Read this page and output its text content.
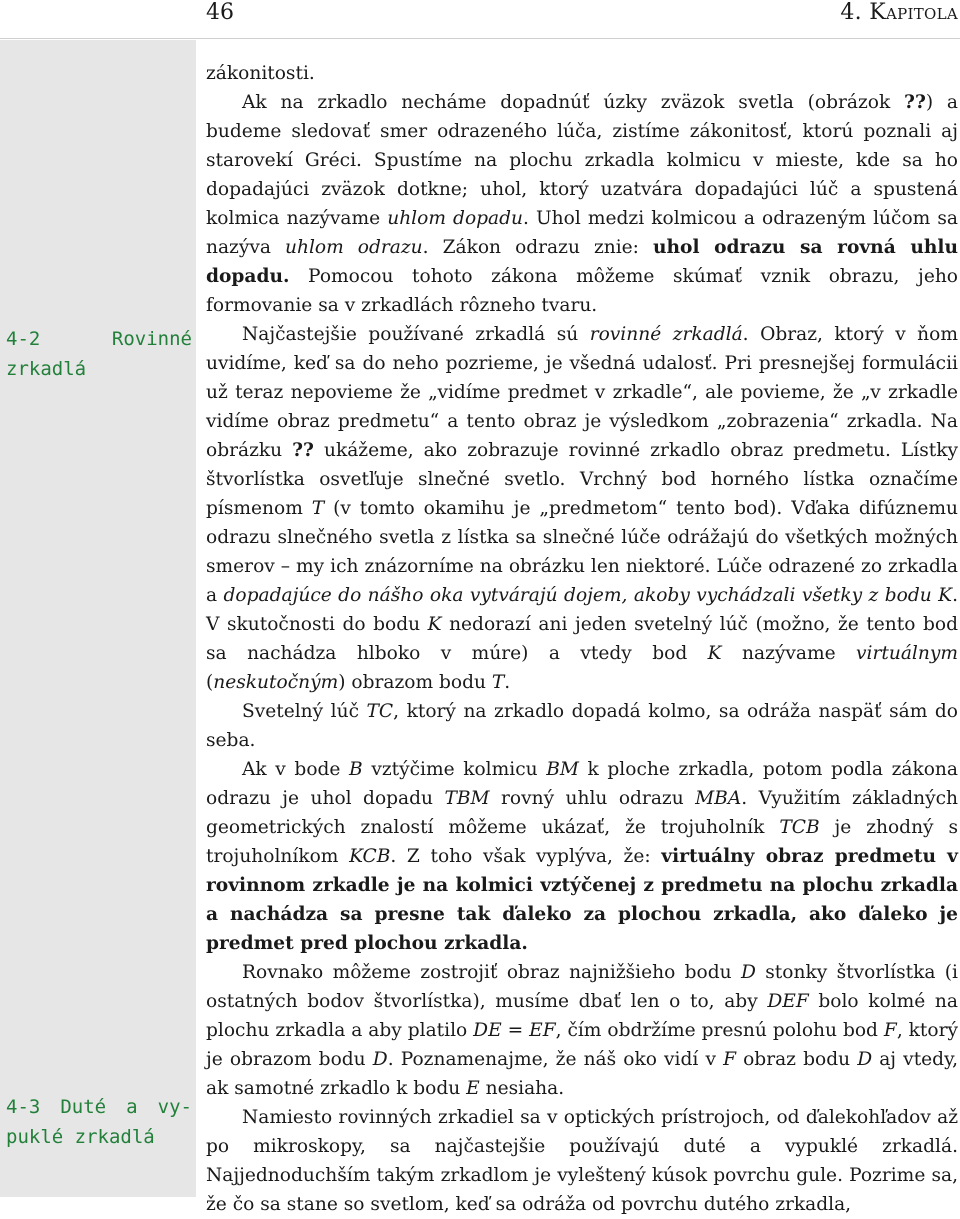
46	4. Kapitola
4-2	Rovinné
zrkadlá
4-3 Duté a vy-
puklé zrkadlá

zákonitosti.

Ak na zrkadlo necháme dopadnúť úzky zväzok svetla (obrázok ??) a budeme sledovať smer odrazeného lúča, zistíme zákonitosť, ktorú poznali aj starovekí Gréci. Spustíme na plochu zrkadla kolmicu v mieste, kde sa ho dopadajúci zväzok dotkne; uhol, ktorý uzatvára dopadajúci lúč a spustená kolmica nazývame uhlom dopadu. Uhol medzi kolmicou a odrazeným lúčom sa nazýva uhlom odrazu. Zákon odrazu znie: uhol odrazu sa rovná uhlu dopadu. Pomocou tohoto zákona môžeme skúmať vznik obrazu, jeho formovanie sa v zrkadlách rôzneho tvaru.

Najčastejšie používané zrkadlá sú rovinné zrkadlá. Obraz, ktorý v ňom uvidíme, keď sa do neho pozrieme, je všedná udalosť. Pri presnejšej formulácii už teraz nepovieme že „vidíme predmet v zrkadle“, ale povieme, že „v zrkadle vidíme obraz predmetu“ a tento obraz je výsledkom „zobrazenia“ zrkadla. Na obrázku ?? ukážeme, ako zobrazuje rovinné zrkadlo obraz predmetu. Lístky štvorlístka osvetľuje slnečné svetlo. Vrchný bod horného lístka označíme písmenom T (v tomto okamihu je „predmetom“ tento bod). Vďaka difúznemu odrazu slnečného svetla z lístka sa slnečné lúče odrážajú do všetkých možných smerov – my ich znázorníme na obrázku len niektoré. Lúče odrazené zo zrkadla a dopadajúce do nášho oka vytvárajú dojem, akoby vychádzali všetky z bodu K. V skutočnosti do bodu K nedorazí ani jeden svetelný lúč (možno, že tento bod sa nachádza hlboko v múre) a vtedy bod K nazývame virtuálnym (neskutočným) obrazom bodu T.

Svetelný lúč TC, ktorý na zrkadlo dopadá kolmo, sa odráža naspäť sám do seba.

Ak v bode B vztýčime kolmicu BM k ploche zrkadla, potom podla zákona odrazu je uhol dopadu TBM rovný uhlu odrazu MBA. Využitím základných geometrických znalostí môžeme ukázať, že trojuholník TCB je zhodný s trojuholníkom KCB. Z toho však vyplýva, že: virtuálny obraz predmetu v rovinnom zrkadle je na kolmici vztýčenej z predmetu na plochu zrkadla a nachádza sa presne tak ďaleko za plochou zrkadla, ako ďaleko je predmet pred plochou zrkadla.

Rovnako môžeme zostrojiť obraz najnižšieho bodu D stonky štvorlístka (i ostatných bodov štvorlístka), musíme dbať len o to, aby DEF bolo kolmé na plochu zrkadla a aby platilo DE = EF, čím obdržíme presnú polohu bod F, ktorý je obrazom bodu D. Poznamenajme, že náš oko vidí v F obraz bodu D aj vtedy, ak samotné zrkadlo k bodu E nesiaha.

Namiesto rovinných zrkadiel sa v optických prístrojoch, od ďalekohľadov až po mikroskopy, sa najčastejšie používajú duté a vypuklé zrkadlá. Najjednoduchším takým zrkadlom je vyleštený kúsok povrchu gule. Pozrime sa, že čo sa stane so svetlom, keď sa odráža od povrchu dutého zrkadla,
